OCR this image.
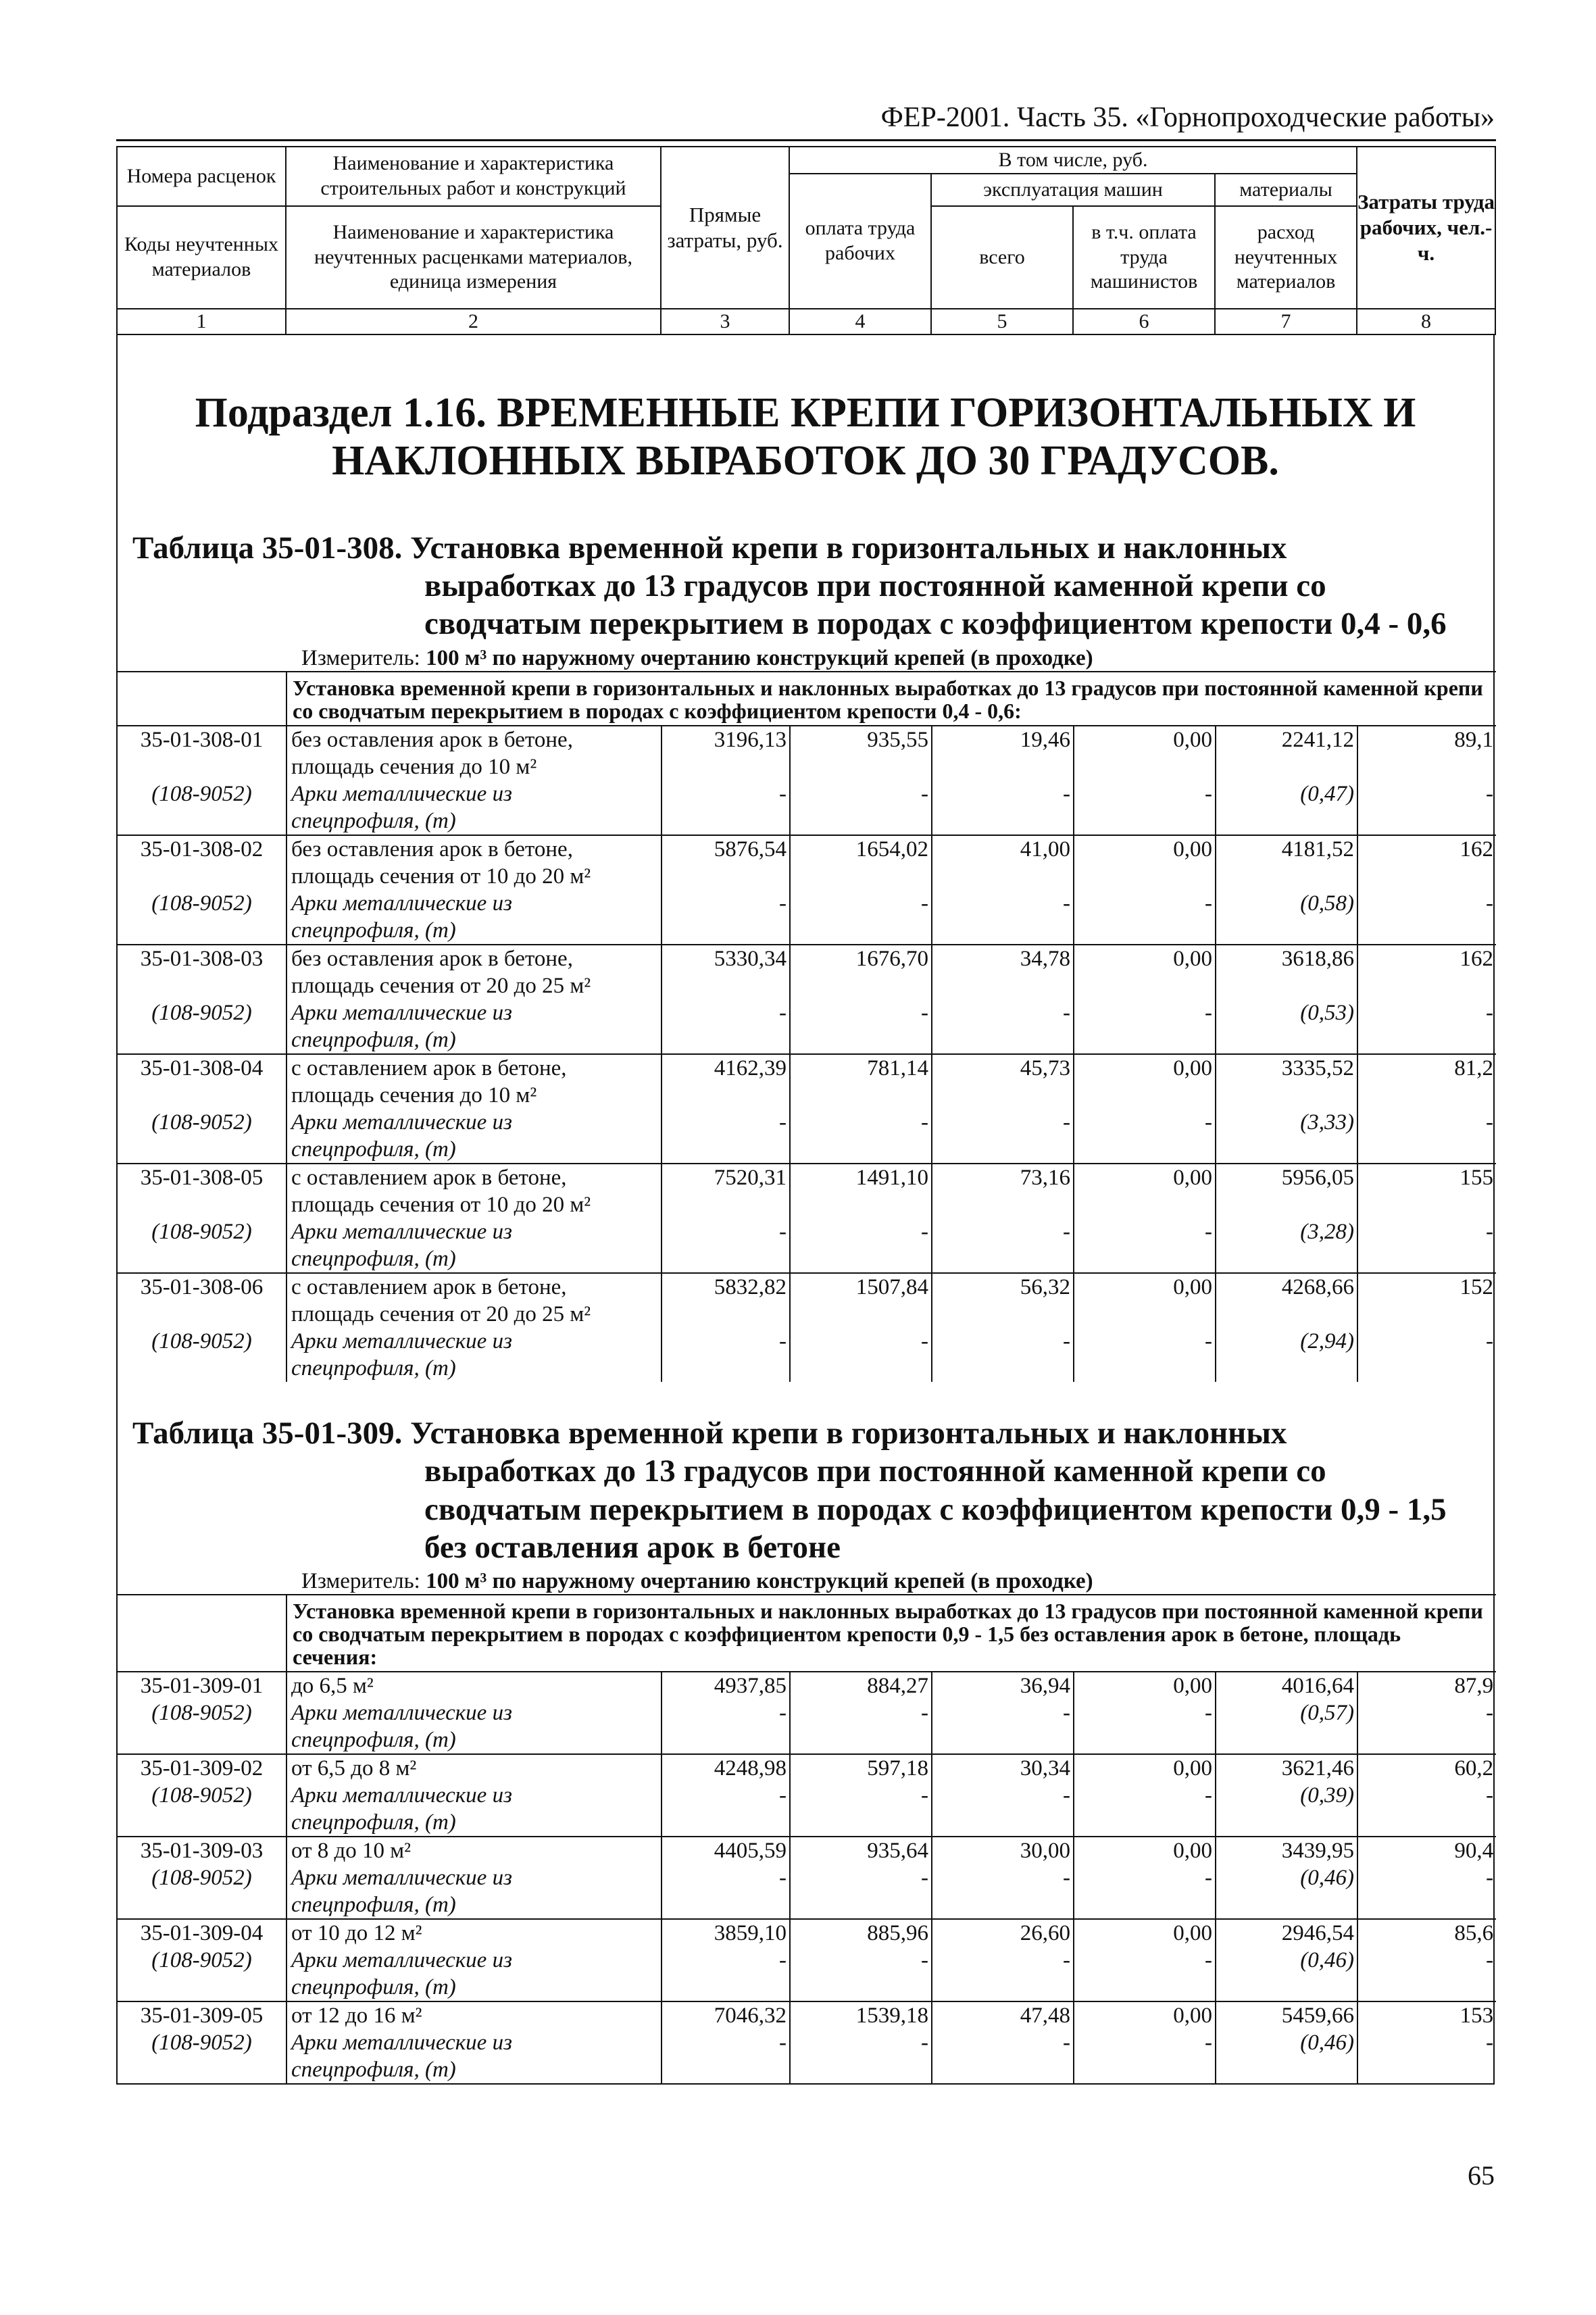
ФЕР-2001. Часть 35. «Горнопроходческие работы»
Номера расценок	Наименование и характеристика строительных работ и конструкций	Прямые затраты, руб.	В том числе, руб.				Затраты труда рабочих, чел.-ч.
			оплата труда рабочих	эксплуатация машин		материалы	
Коды неучтенных материалов	Наименование и характеристика неучтенных расценками материалов, единица измерения			всего	в т.ч. оплата труда машинистов	расход неучтенных материалов	

1	2	3	4	5	6	7	8
Подраздел 1.16. ВРЕМЕННЫЕ КРЕПИ ГОРИЗОНТАЛЬНЫХ И НАКЛОННЫХ ВЫРАБОТОК ДО 30 ГРАДУСОВ.
Таблица 35-01-308. Установка временной крепи в горизонтальных и наклонных
выработках до 13 градусов при постоянной каменной крепи со
сводчатым перекрытием в породах с коэффициентом крепости 0,4 - 0,6
Измеритель: 100 м³ по наружному очертанию конструкций крепей (в проходке)
	Установка временной крепи в горизонтальных и наклонных выработках до 13 градусов при постоянной каменной крепи со сводчатым перекрытием в породах с коэффициентом крепости 0,4 - 0,6:						
35-01-308-01	без оставления арок в бетоне,	3196,13	935,55	19,46	0,00	2241,12	89,1
	площадь сечения до 10 м²						
(108-9052)	Арки металлические из	-	-	-	-	(0,47)	-
	спецпрофиля, (т)						
35-01-308-02	без оставления арок в бетоне,	5876,54	1654,02	41,00	0,00	4181,52	162
	площадь сечения от 10 до 20 м²						
(108-9052)	Арки металлические из	-	-	-	-	(0,58)	-
	спецпрофиля, (т)						
35-01-308-03	без оставления арок в бетоне,	5330,34	1676,70	34,78	0,00	3618,86	162
	площадь сечения от 20 до 25 м²						
(108-9052)	Арки металлические из	-	-	-	-	(0,53)	-
	спецпрофиля, (т)						
35-01-308-04	с оставлением арок в бетоне,	4162,39	781,14	45,73	0,00	3335,52	81,2
	площадь сечения до 10 м²						
(108-9052)	Арки металлические из	-	-	-	-	(3,33)	-
	спецпрофиля, (т)						
35-01-308-05	с оставлением арок в бетоне,	7520,31	1491,10	73,16	0,00	5956,05	155
	площадь сечения от 10 до 20 м²						
(108-9052)	Арки металлические из	-	-	-	-	(3,28)	-
	спецпрофиля, (т)						
35-01-308-06	с оставлением арок в бетоне,	5832,82	1507,84	56,32	0,00	4268,66	152
	площадь сечения от 20 до 25 м²						
(108-9052)	Арки металлические из	-	-	-	-	(2,94)	-
	спецпрофиля, (т)						
Таблица 35-01-309. Установка временной крепи в горизонтальных и наклонных
выработках до 13 градусов при постоянной каменной крепи со
сводчатым перекрытием в породах с коэффициентом крепости 0,9 - 1,5
без оставления арок в бетоне
Измеритель: 100 м³ по наружному очертанию конструкций крепей (в проходке)
	Установка временной крепи в горизонтальных и наклонных выработках до 13 градусов при постоянной каменной крепи со сводчатым перекрытием в породах с коэффициентом крепости 0,9 - 1,5 без оставления арок в бетоне, площадь сечения:						
35-01-309-01	до 6,5 м²	4937,85	884,27	36,94	0,00	4016,64	87,9
(108-9052)	Арки металлические из	-	-	-	-	(0,57)	-
	спецпрофиля, (т)						
35-01-309-02	от 6,5 до 8 м²	4248,98	597,18	30,34	0,00	3621,46	60,2
(108-9052)	Арки металлические из	-	-	-	-	(0,39)	-
	спецпрофиля, (т)						
35-01-309-03	от 8 до 10 м²	4405,59	935,64	30,00	0,00	3439,95	90,4
(108-9052)	Арки металлические из	-	-	-	-	(0,46)	-
	спецпрофиля, (т)						
35-01-309-04	от 10 до 12 м²	3859,10	885,96	26,60	0,00	2946,54	85,6
(108-9052)	Арки металлические из	-	-	-	-	(0,46)	-
	спецпрофиля, (т)						
35-01-309-05	от 12 до 16 м²	7046,32	1539,18	47,48	0,00	5459,66	153
(108-9052)	Арки металлические из	-	-	-	-	(0,46)	-
	спецпрофиля, (т)						
65
